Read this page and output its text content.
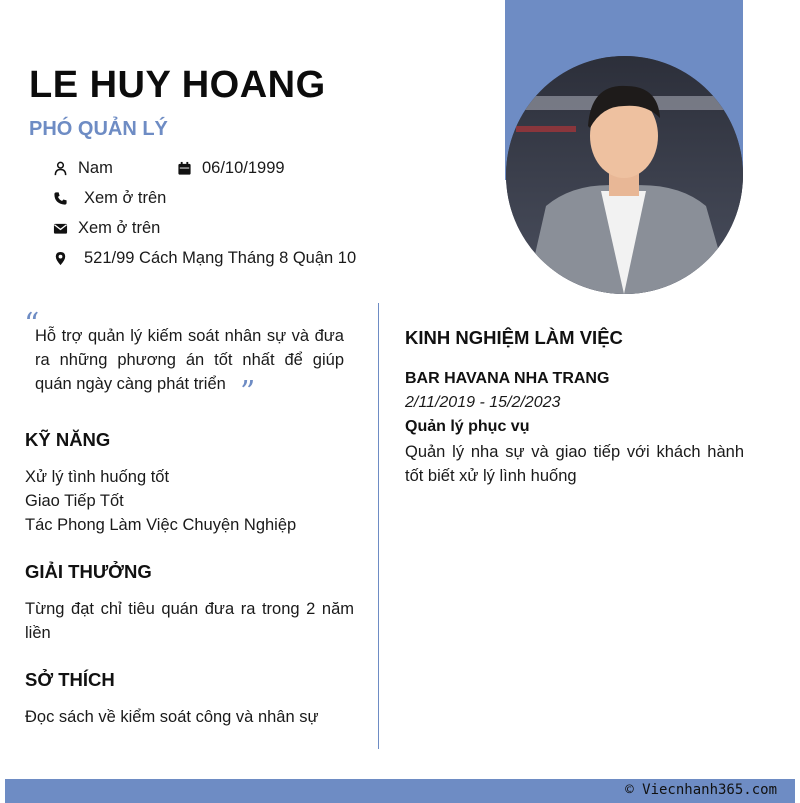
LE HUY HOANG
PHÓ QUẢN LÝ
Nam	06/10/1999
Xem ở trên
Xem ở trên
521/99 Cách Mạng Tháng 8 Quận 10
“
Hỗ trợ quản lý kiếm soát nhân sự và đưa ra những phương án tốt nhất để giúp quán ngày càng phát triển ”
KỸ NĂNG
Xử lý tình huống tốt
Giao Tiếp Tốt
Tác Phong Làm Việc Chuyện Nghiệp
GIẢI THƯỞNG
Từng đạt chỉ tiêu quán đưa ra trong 2 năm liền
SỞ THÍCH
Đọc sách về kiểm soát công và nhân sự
KINH NGHIỆM LÀM VIỆC
BAR HAVANA NHA TRANG
2/11/2019 - 15/2/2023
Quản lý phục vụ
Quản lý nha sự và giao tiếp với khách hành tốt biết xử lý lình huống
© Viecnhanh365.com
